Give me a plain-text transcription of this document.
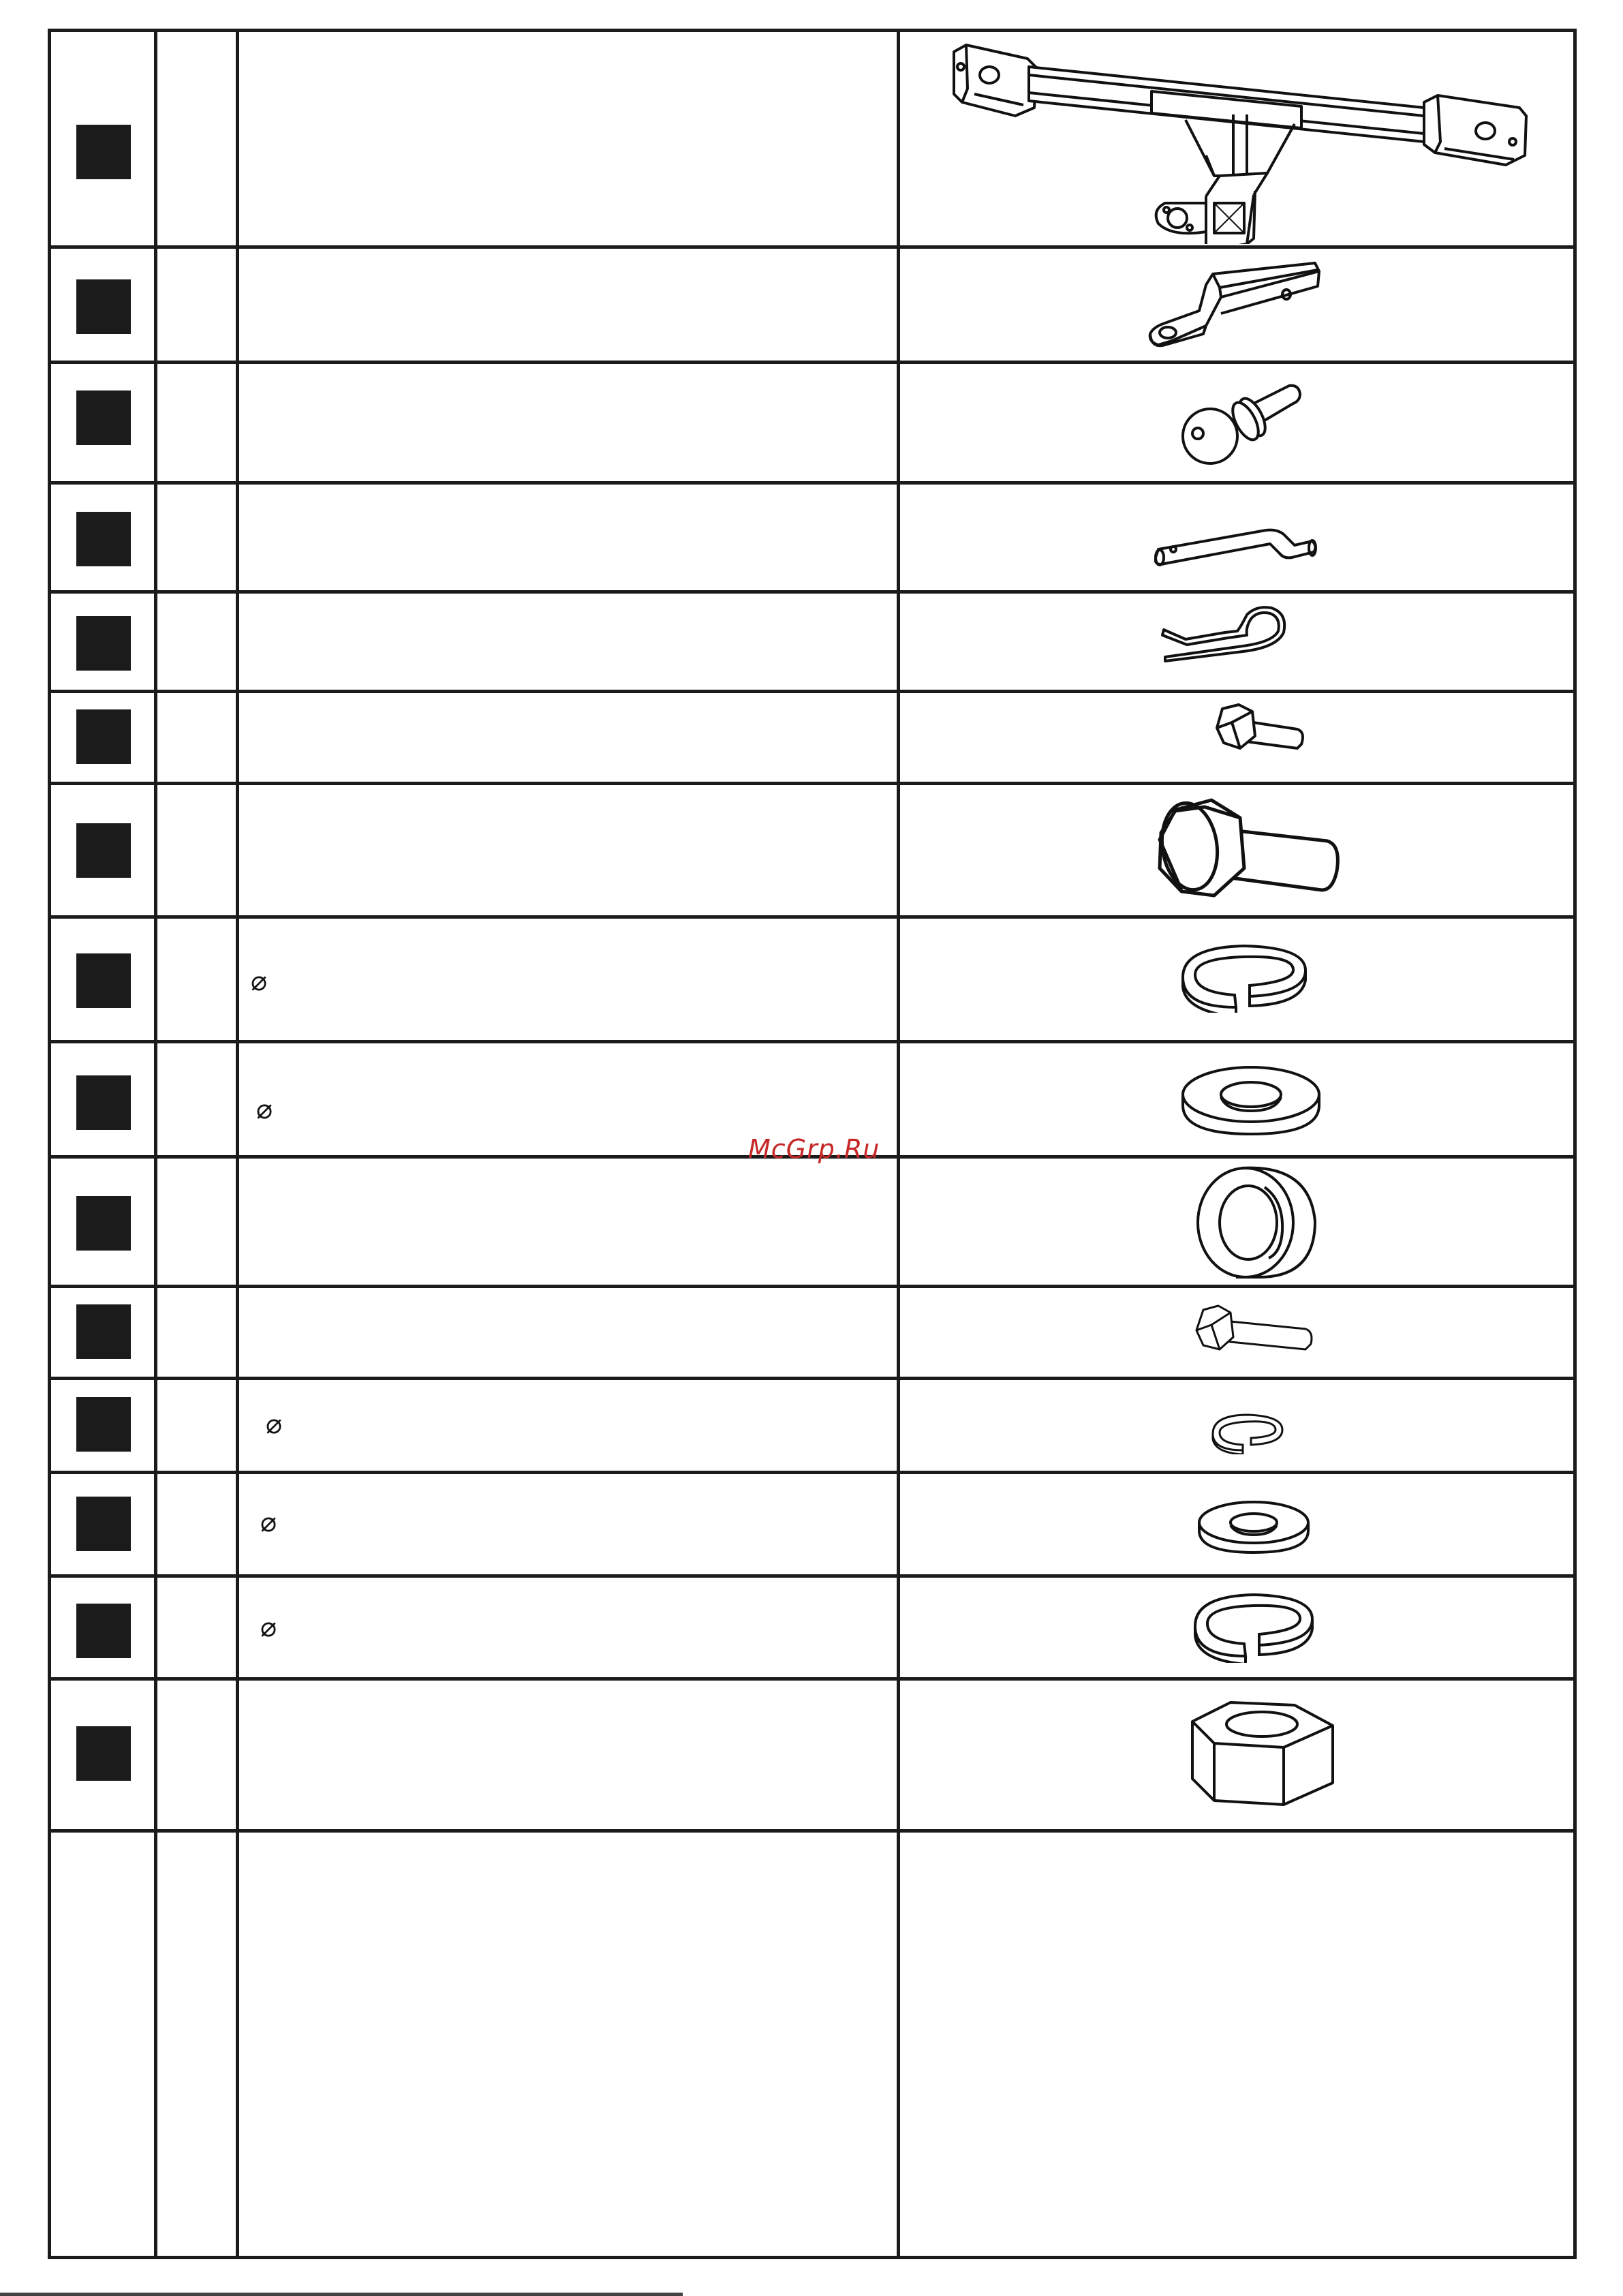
⌀
⌀
⌀
⌀
⌀
McGrp.Ru
